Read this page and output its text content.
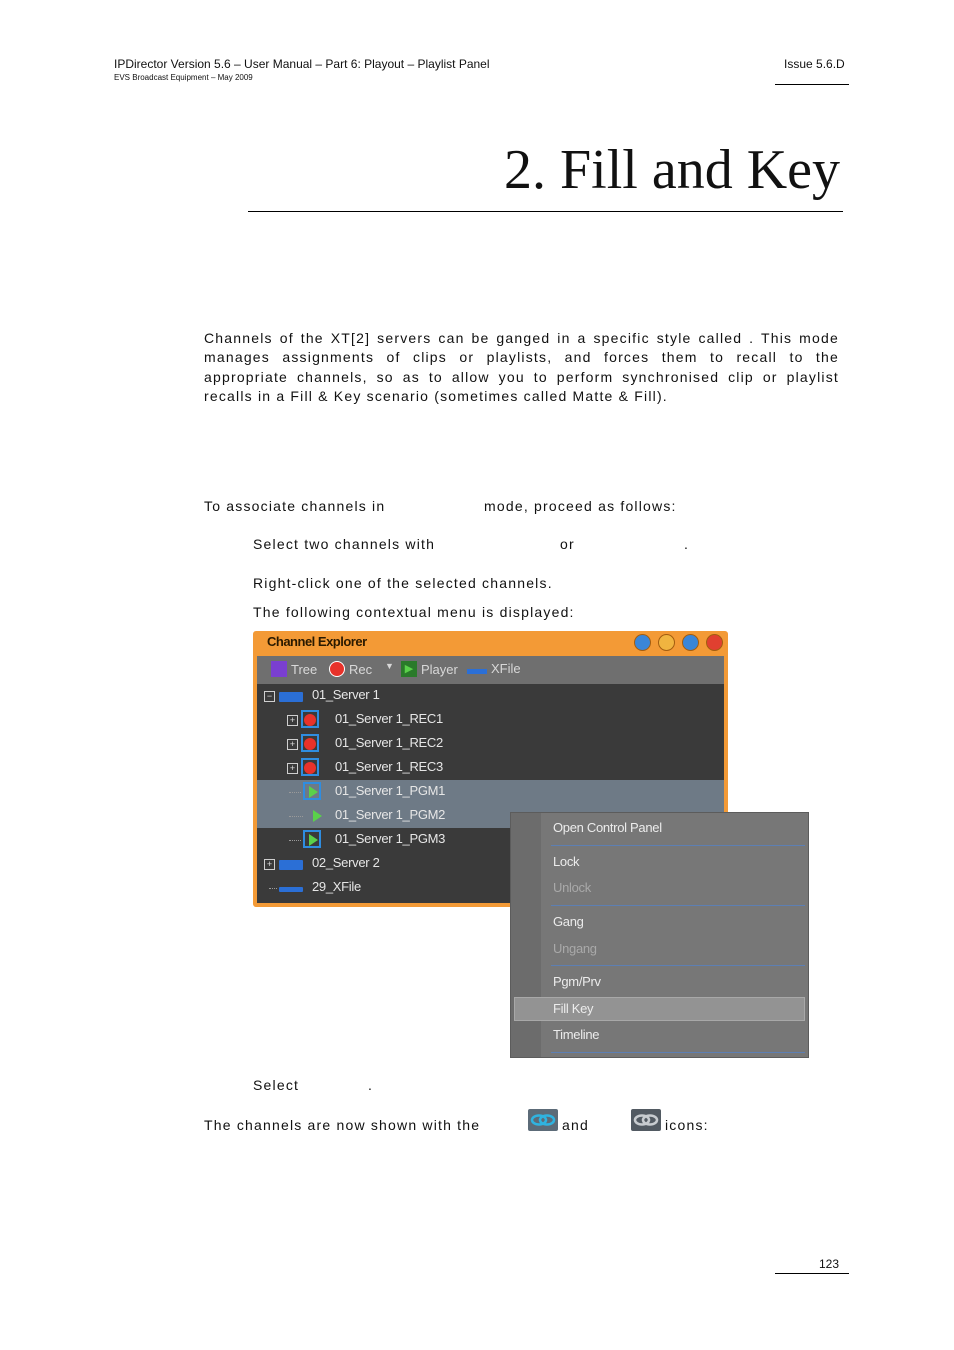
IPDirector Version 5.6 – User Manual – Part 6: Playout – Playlist Panel
EVS Broadcast Equipment – May 2009
Issue 5.6.D
2. Fill and Key
Channels of the XT[2] servers can be ganged in a specific style called . This mode manages assignments of clips or playlists, and forces them to recall to the appropriate channels, so as to allow you to perform synchronised clip or playlist recalls in a Fill & Key scenario (sometimes called Matte & Fill).
To associate channels in	mode, proceed as follows:
Select two channels with	or	.
Right-click one of the selected channels.
The following contextual menu is displayed:
Channel Explorer
Tree Rec ▼ ▶ Player	XFile
−	01_Server 1
+	01_Server 1_REC1
+	01_Server 1_REC2
+	01_Server 1_REC3
01_Server 1_PGM1
01_Server 1_PGM2
01_Server 1_PGM3
+	02_Server 2
29_XFile
Open Control Panel
Lock
Unlock
Gang
Ungang
Pgm/Prv
Fill Key
Timeline
Select	.
The channels are now shown with the	and	icons:
123
